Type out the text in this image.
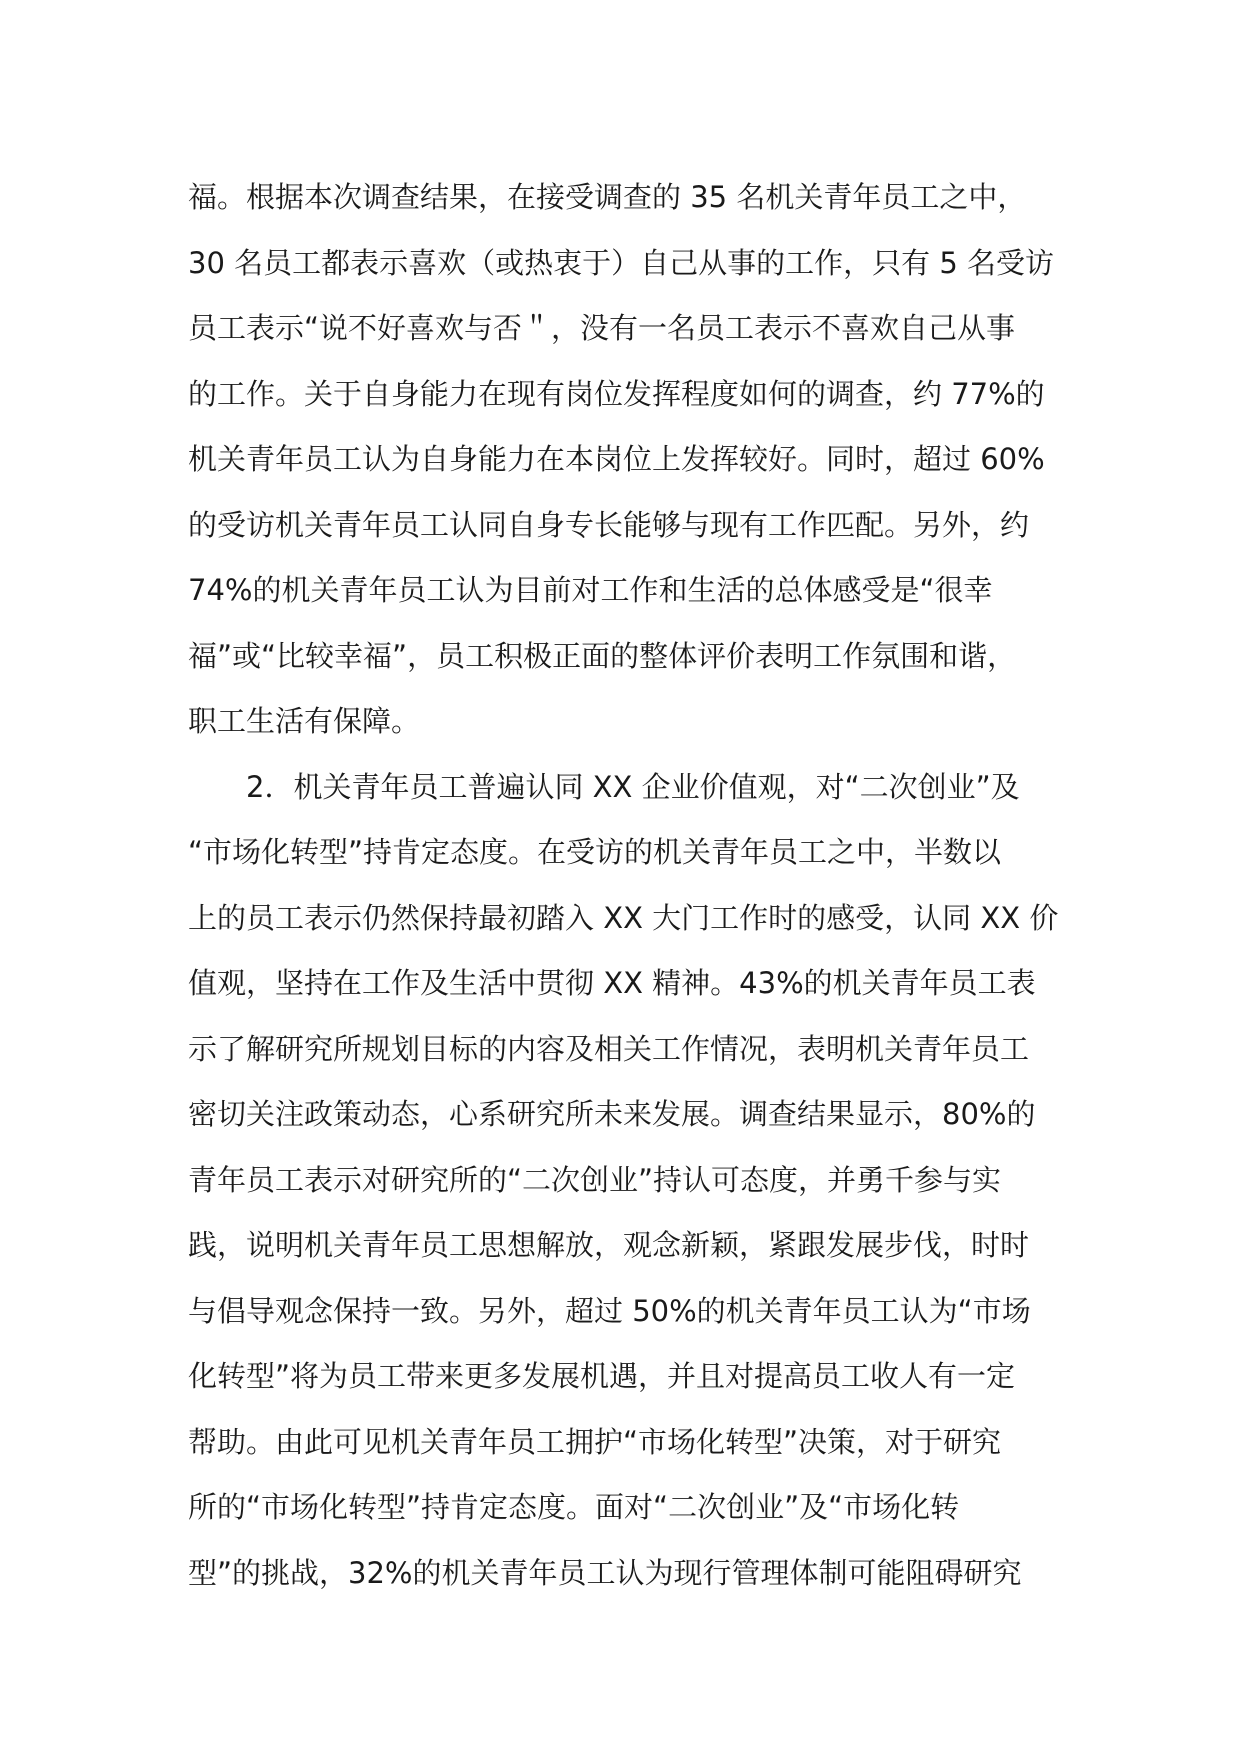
福。根据本次调查结果，在接受调查的 35 名机关青年员工之中，
30 名员工都表示喜欢（或热衷于）自己从事的工作，只有 5 名受访
员工表示“说不好喜欢与否＂，没有一名员工表示不喜欢自己从事
的工作。关于自身能力在现有岗位发挥程度如何的调查，约 77%的
机关青年员工认为自身能力在本岗位上发挥较好。同时，超过 60%
的受访机关青年员工认同自身专长能够与现有工作匹配。另外，约
74%的机关青年员工认为目前对工作和生活的总体感受是“很幸
福”或“比较幸福”，员工积极正面的整体评价表明工作氛围和谐，
职工生活有保障。
2．机关青年员工普遍认同 XX 企业价值观，对“二次创业”及
“市场化转型”持肯定态度。在受访的机关青年员工之中，半数以
上的员工表示仍然保持最初踏入 XX 大门工作时的感受，认同 XX 价
值观，坚持在工作及生活中贯彻 XX 精神。43%的机关青年员工表
示了解研究所规划目标的内容及相关工作情况，表明机关青年员工
密切关注政策动态，心系研究所未来发展。调查结果显示，80%的
青年员工表示对研究所的“二次创业”持认可态度，并勇千参与实
践，说明机关青年员工思想解放，观念新颖，紧跟发展步伐，时时
与倡导观念保持一致。另外，超过 50%的机关青年员工认为“市场
化转型”将为员工带来更多发展机遇，并且对提高员工收人有一定
帮助。由此可见机关青年员工拥护“市场化转型”决策，对于研究
所的“市场化转型”持肯定态度。面对“二次创业”及“市场化转
型”的挑战，32%的机关青年员工认为现行管理体制可能阻碍研究
